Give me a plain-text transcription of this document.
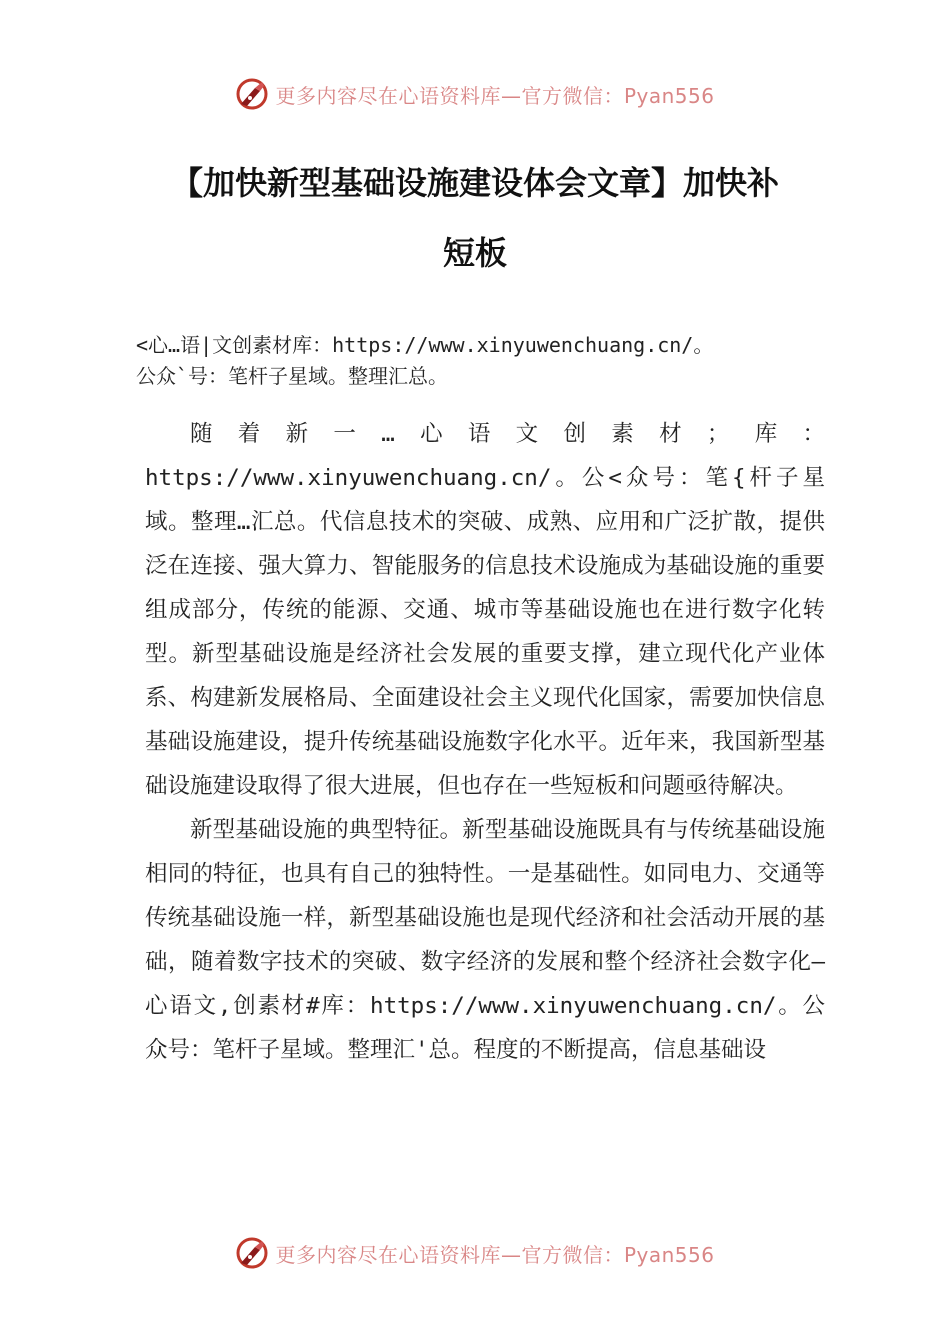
更多内容尽在心语资料库—官方微信：Pyan556
【加快新型基础设施建设体会文章】加快补
短板
<心…语|文创素材库：https://www.xinyuwenchuang.cn/。
公众`号：笔杆子星域。整理汇总。

随着新一…心语文创素材；库：https://www.xinyuwenchuang.cn/。公<众号：笔{杆子星域。整理…汇总。代信息技术的突破、成熟、应用和广泛扩散，提供泛在连接、强大算力、智能服务的信息技术设施成为基础设施的重要组成部分，传统的能源、交通、城市等基础设施也在进行数字化转型。新型基础设施是经济社会发展的重要支撑，建立现代化产业体系、构建新发展格局、全面建设社会主义现代化国家，需要加快信息基础设施建设，提升传统基础设施数字化水平。近年来，我国新型基础设施建设取得了很大进展，但也存在一些短板和问题亟待解决。

新型基础设施的典型特征。新型基础设施既具有与传统基础设施相同的特征，也具有自己的独特性。一是基础性。如同电力、交通等传统基础设施一样，新型基础设施也是现代经济和社会活动开展的基础，随着数字技术的突破、数字经济的发展和整个经济社会数字化—心语文,创素材#库：https://www.xinyuwenchuang.cn/。公众号：笔杆子星域。整理汇'总。程度的不断提高，信息基础设

更多内容尽在心语资料库—官方微信：Pyan556
